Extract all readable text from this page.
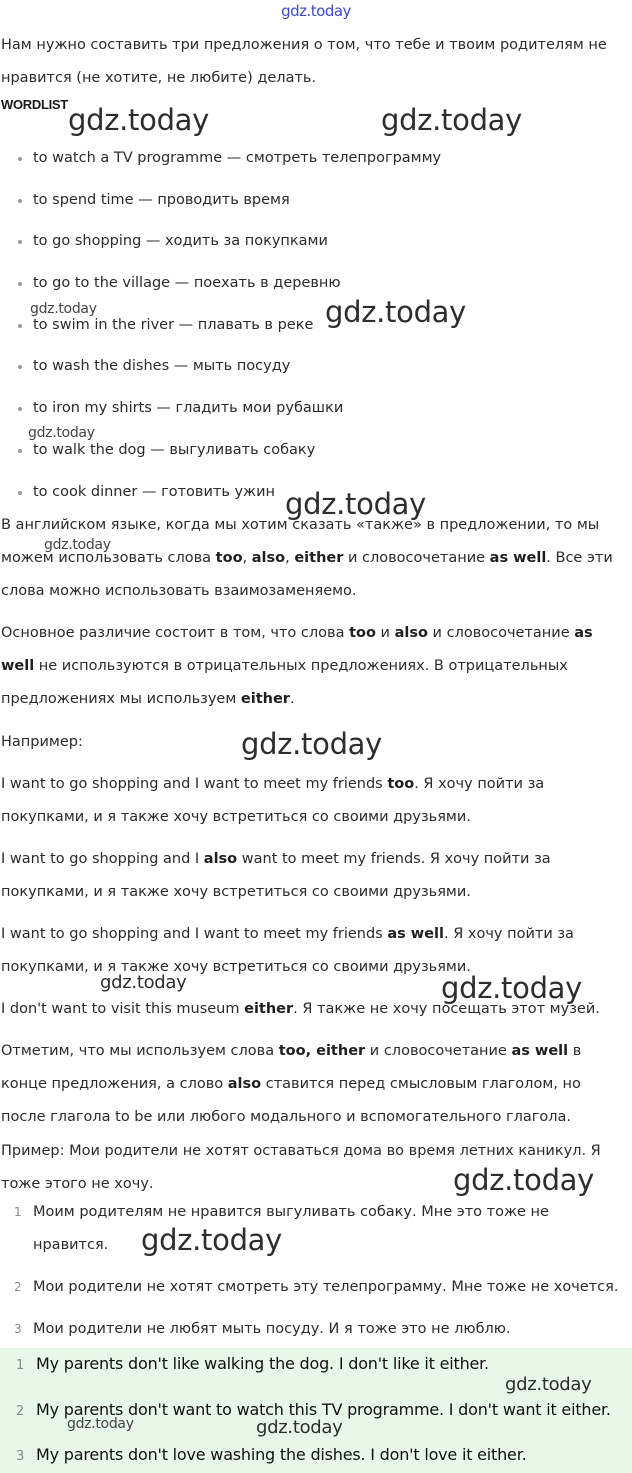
gdz.today

Нам нужно составить три предложения о том, что тебе и твоим родителям не нравится (не хотите, не любите) делать.

WORDLIST
to watch a TV programme — смотреть телепрограмму
to spend time — проводить время
to go shopping — ходить за покупками
to go to the village — поехать в деревню
to swim in the river — плавать в реке
to wash the dishes — мыть посуду
to iron my shirts — гладить мои рубашки
to walk the dog — выгуливать собаку
to cook dinner — готовить ужин

В английском языке, когда мы хотим сказать «также» в предложении, то мы можем использовать слова too, also, either и словосочетание as well. Все эти слова можно использовать взаимозаменяемо.

Основное различие состоит в том, что слова too и also и словосочетание as well не используются в отрицательных предложениях. В отрицательных предложениях мы используем either.

Например:

I want to go shopping and I want to meet my friends too. Я хочу пойти за покупками, и я также хочу встретиться со своими друзьями.

I want to go shopping and I also want to meet my friends. Я хочу пойти за покупками, и я также хочу встретиться со своими друзьями.

I want to go shopping and I want to meet my friends as well. Я хочу пойти за покупками, и я также хочу встретиться со своими друзьями.

I don't want to visit this museum either. Я также не хочу посещать этот музей.

Отметим, что мы используем слова too, either и словосочетание as well в конце предложения, а слово also ставится перед смысловым глаголом, но после глагола to be или любого модального и вспомогательного глагола.

Пример: Мои родители не хотят оставаться дома во время летних каникул. Я тоже этого не хочу.

1 Моим родителям не нравится выгуливать собаку. Мне это тоже не нравится.
2 Мои родители не хотят смотреть эту телепрограмму. Мне тоже не хочется.
3 Мои родители не любят мыть посуду. И я тоже это не люблю.
1 My parents don't like walking the dog. I don't like it either.
2 My parents don't want to watch this TV programme. I don't want it either.
3 My parents don't love washing the dishes. I don't love it either.
gdz.today	gdz.today
gdz.today	gdz.today
gdz.today
gdz.today
gdz.today
gdz.today
gdz.today	gdz.today
gdz.today
gdz.today
gdz.today
gdz.today	gdz.today
